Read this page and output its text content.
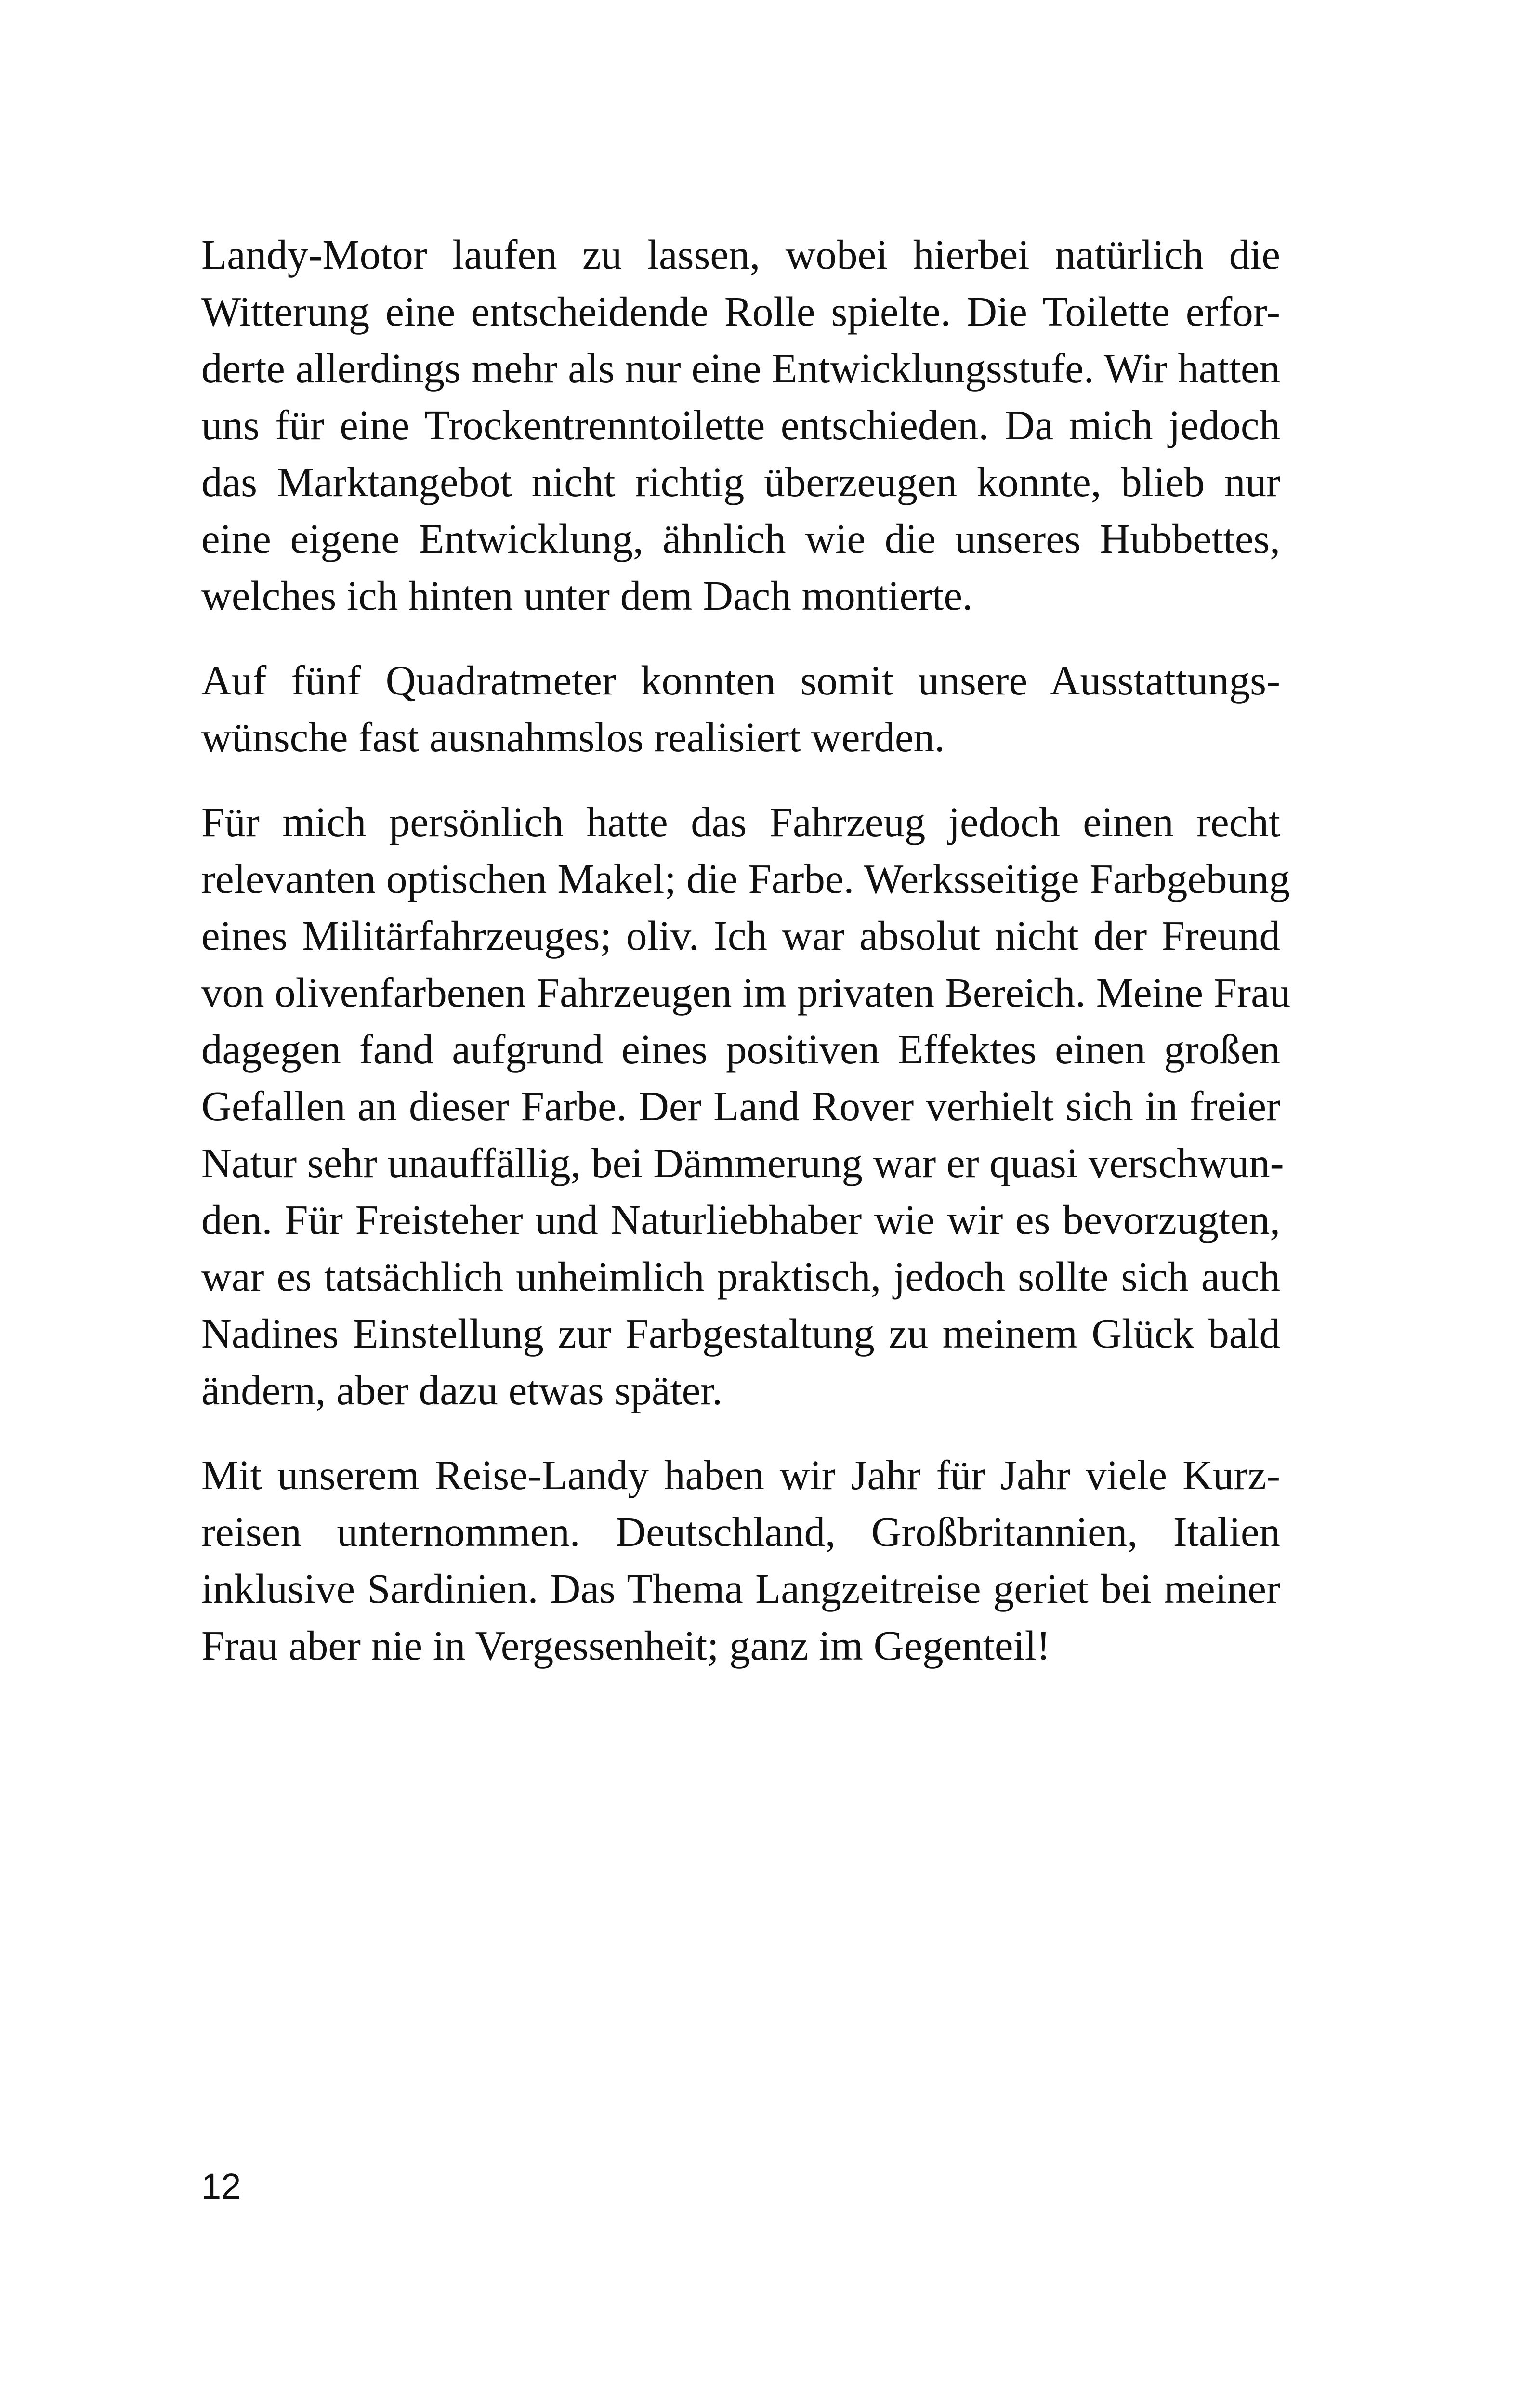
Landy-Motor laufen zu lassen, wobei hierbei natürlich die
Witterung eine entscheidende Rolle spielte. Die Toilette erfor-
derte allerdings mehr als nur eine Entwicklungsstufe. Wir hatten
uns für eine Trockentrenntoilette entschieden. Da mich jedoch
das Marktangebot nicht richtig überzeugen konnte, blieb nur
eine eigene Entwicklung, ähnlich wie die unseres Hubbettes,
welches ich hinten unter dem Dach montierte.

Auf fünf Quadratmeter konnten somit unsere Ausstattungs-
wünsche fast ausnahmslos realisiert werden.

Für mich persönlich hatte das Fahrzeug jedoch einen recht
relevanten optischen Makel; die Farbe. Werksseitige Farbgebung
eines Militärfahrzeuges; oliv. Ich war absolut nicht der Freund
von olivenfarbenen Fahrzeugen im privaten Bereich. Meine Frau
dagegen fand aufgrund eines positiven Effektes einen großen
Gefallen an dieser Farbe. Der Land Rover verhielt sich in freier
Natur sehr unauffällig, bei Dämmerung war er quasi verschwun-
den. Für Freisteher und Naturliebhaber wie wir es bevorzugten,
war es tatsächlich unheimlich praktisch, jedoch sollte sich auch
Nadines Einstellung zur Farbgestaltung zu meinem Glück bald
ändern, aber dazu etwas später.

Mit unserem Reise-Landy haben wir Jahr für Jahr viele Kurz-
reisen unternommen. Deutschland, Großbritannien, Italien
inklusive Sardinien. Das Thema Langzeitreise geriet bei meiner
Frau aber nie in Vergessenheit; ganz im Gegenteil!

12
